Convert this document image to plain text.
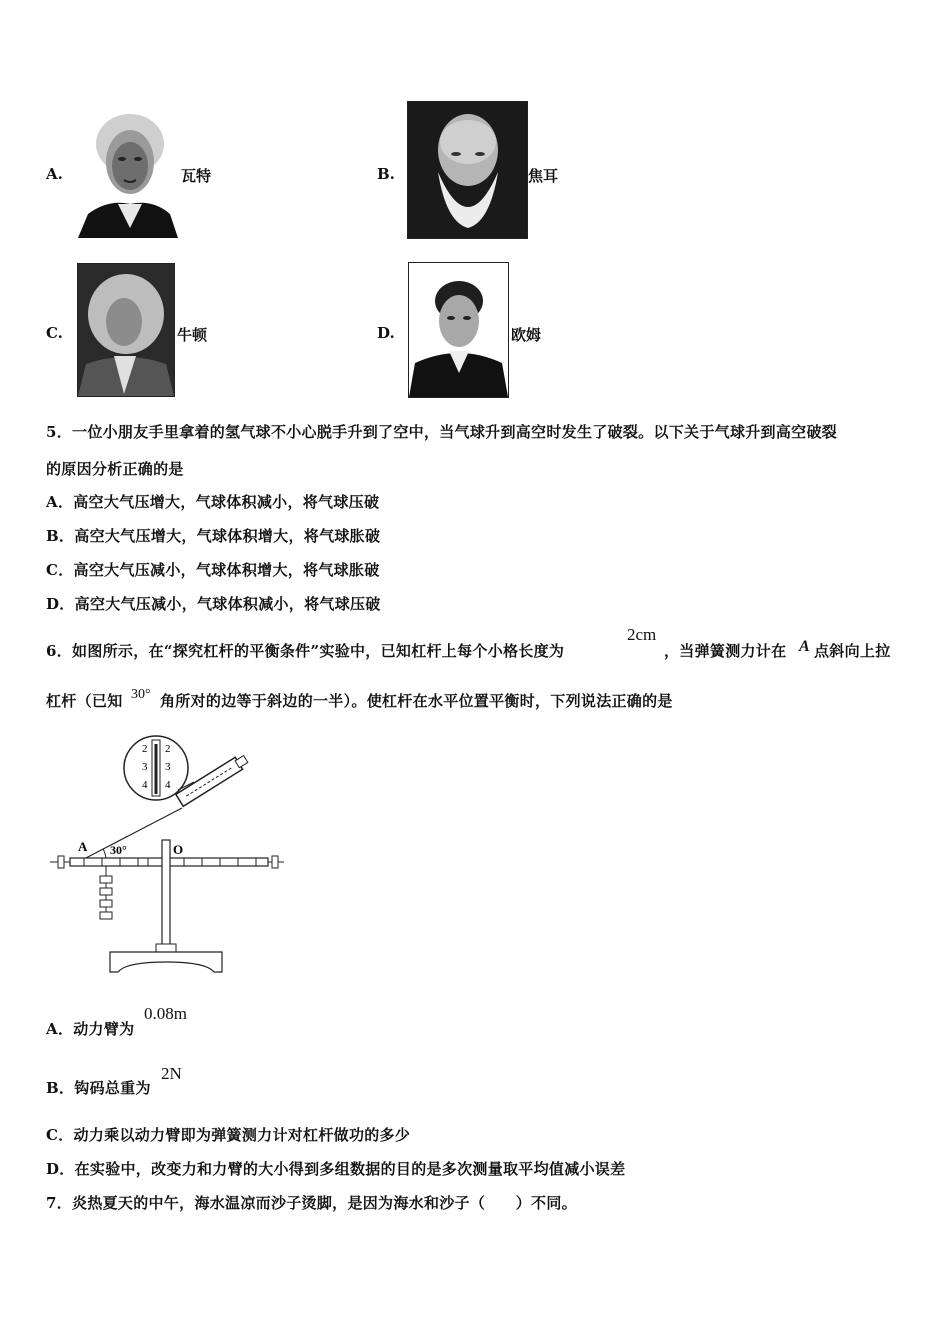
A.	瓦特	B.	焦耳
C.	牛顿	D.	欧姆
5．一位小朋友手里拿着的氢气球不小心脱手升到了空中，当气球升到高空时发生了破裂。以下关于气球升到高空破裂
的原因分析正确的是
A．高空大气压增大，气球体积减小，将气球压破
B．高空大气压增大，气球体积增大，将气球胀破
C．高空大气压减小，气球体积增大，将气球胀破
D．高空大气压减小，气球体积减小，将气球压破
6．如图所示，在“探究杠杆的平衡条件”实验中，已知杠杆上每个小格长度为
2cm
，当弹簧测力计在 A 点斜向上拉
杠杆（已知 30° 角所对的边等于斜边的一半）。使杠杆在水平位置平衡时，下列说法正确的是
2
3
4
2
3
4
30°
A	O
A．动力臂为
0.08m
B．钩码总重为
2N
C．动力乘以动力臂即为弹簧测力计对杠杆做功的多少
D．在实验中，改变力和力臂的大小得到多组数据的目的是多次测量取平均值减小误差
7．炎热夏天的中午，海水温凉而沙子烫脚，是因为海水和沙子（　　）不同。
